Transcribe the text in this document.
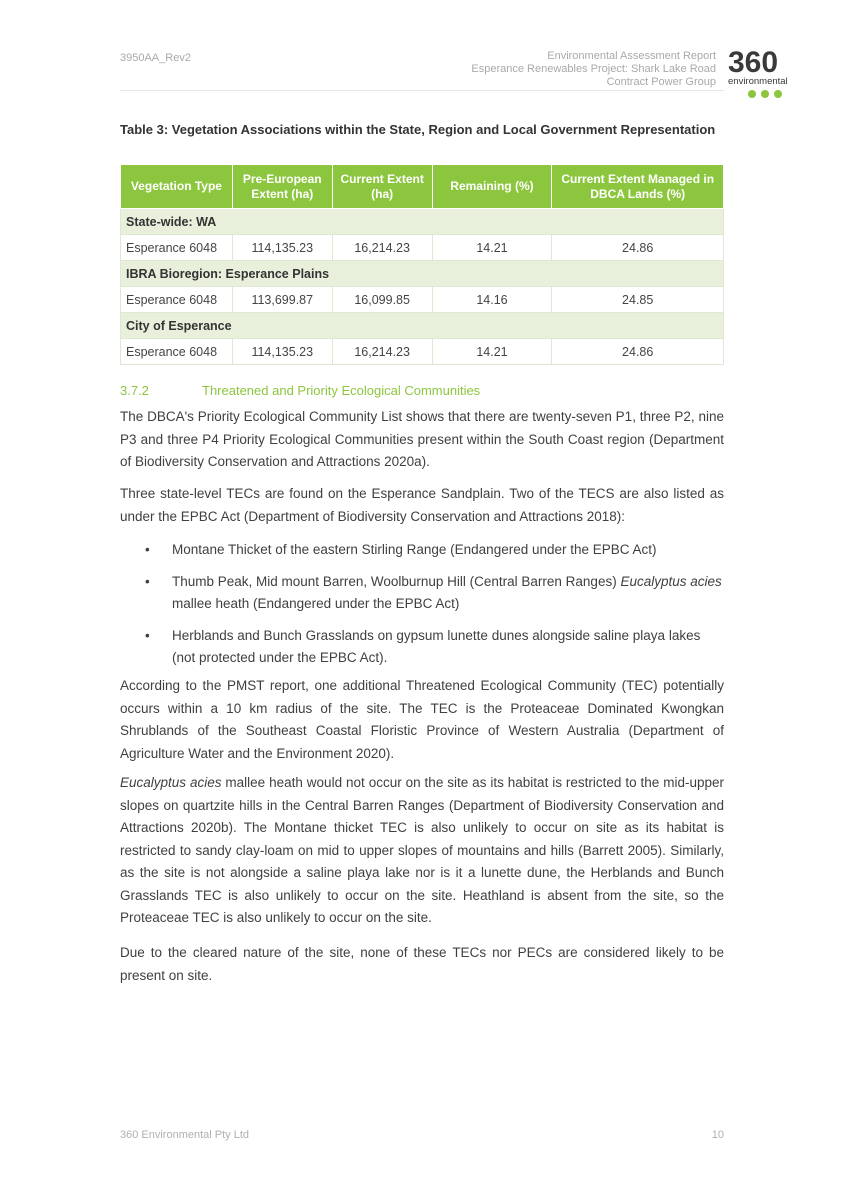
3950AA_Rev2	Environmental Assessment Report
Esperance Renewables Project: Shark Lake Road
Contract Power Group
360
environmental
Table 3: Vegetation Associations within the State, Region and Local Government Representation
Vegetation Type	Pre-European Extent (ha)	Current Extent (ha)	Remaining (%)	Current Extent Managed in DBCA Lands (%)
State-wide: WA				
Esperance 6048	114,135.23	16,214.23	14.21	24.86
IBRA Bioregion: Esperance Plains				
Esperance 6048	113,699.87	16,099.85	14.16	24.85
City of Esperance				
Esperance 6048	114,135.23	16,214.23	14.21	24.86
3.7.2	Threatened and Priority Ecological Communities

The DBCA's Priority Ecological Community List shows that there are twenty-seven P1, three P2, nine P3 and three P4 Priority Ecological Communities present within the South Coast region (Department of Biodiversity Conservation and Attractions 2020a).

Three state-level TECs are found on the Esperance Sandplain. Two of the TECS are also listed as under the EPBC Act (Department of Biodiversity Conservation and Attractions 2018):

• Montane Thicket of the eastern Stirling Range (Endangered under the EPBC Act)
• Thumb Peak, Mid mount Barren, Woolburnup Hill (Central Barren Ranges) Eucalyptus acies mallee heath (Endangered under the EPBC Act)
• Herblands and Bunch Grasslands on gypsum lunette dunes alongside saline playa lakes (not protected under the EPBC Act).

According to the PMST report, one additional Threatened Ecological Community (TEC) potentially occurs within a 10 km radius of the site. The TEC is the Proteaceae Dominated Kwongkan Shrublands of the Southeast Coastal Floristic Province of Western Australia (Department of Agriculture Water and the Environment 2020).

Eucalyptus acies mallee heath would not occur on the site as its habitat is restricted to the mid-upper slopes on quartzite hills in the Central Barren Ranges (Department of Biodiversity Conservation and Attractions 2020b). The Montane thicket TEC is also unlikely to occur on site as its habitat is restricted to sandy clay-loam on mid to upper slopes of mountains and hills (Barrett 2005). Similarly, as the site is not alongside a saline playa lake nor is it a lunette dune, the Herblands and Bunch Grasslands TEC is also unlikely to occur on the site. Heathland is absent from the site, so the Proteaceae TEC is also unlikely to occur on the site.

Due to the cleared nature of the site, none of these TECs nor PECs are considered likely to be present on site.

360 Environmental Pty Ltd	10
